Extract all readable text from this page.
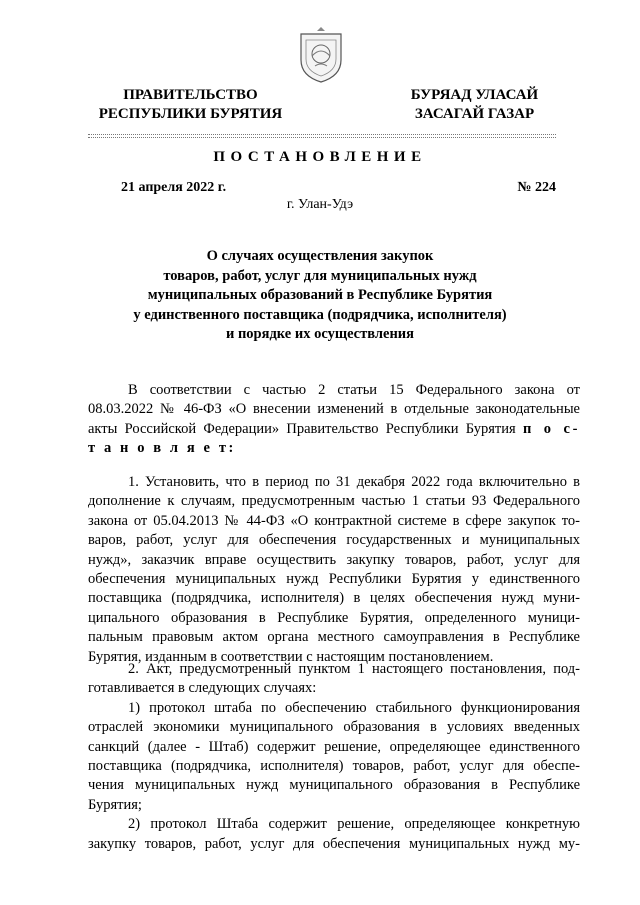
ПРАВИТЕЛЬСТВО
РЕСПУБЛИКИ БУРЯТИЯ
БУРЯАД УЛАСАЙ
ЗАСАГАЙ ГАЗАР
ПОСТАНОВЛЕНИЕ
21 апреля 2022 г.	№ 224
г. Улан-Удэ
О случаях осуществления закупок
товаров, работ, услуг для муниципальных нужд
муниципальных образований в Республике Бурятия
у единственного поставщика (подрядчика, исполнителя)
и порядке их осуществления
В соответствии с частью 2 статьи 15 Федерального закона от
08.03.2022 № 46-ФЗ «О внесении изменений в отдельные законодательные
акты Российской Федерации» Правительство Республики Бурятия п о с-
т а н о в л я е т:
1. Установить, что в период по 31 декабря 2022 года включительно в
дополнение к случаям, предусмотренным частью 1 статьи 93 Федерального
закона от 05.04.2013 № 44-ФЗ «О контрактной системе в сфере закупок то-
варов, работ, услуг для обеспечения государственных и муниципальных
нужд», заказчик вправе осуществить закупку товаров, работ, услуг для
обеспечения муниципальных нужд Республики Бурятия у единственного
поставщика (подрядчика, исполнителя) в целях обеспечения нужд муни-
ципального образования в Республике Бурятия, определенного муници-
пальным правовым актом органа местного самоуправления в Республике
Бурятия, изданным в соответствии с настоящим постановлением.
2. Акт, предусмотренный пунктом 1 настоящего постановления, под-
готавливается в следующих случаях:
1) протокол штаба по обеспечению стабильного функционирования
отраслей экономики муниципального образования в условиях введенных
санкций (далее - Штаб) содержит решение, определяющее единственного
поставщика (подрядчика, исполнителя) товаров, работ, услуг для обеспе-
чения муниципальных нужд муниципального образования в Республике
Бурятия;
2) протокол Штаба содержит решение, определяющее конкретную
закупку товаров, работ, услуг для обеспечения муниципальных нужд му-
